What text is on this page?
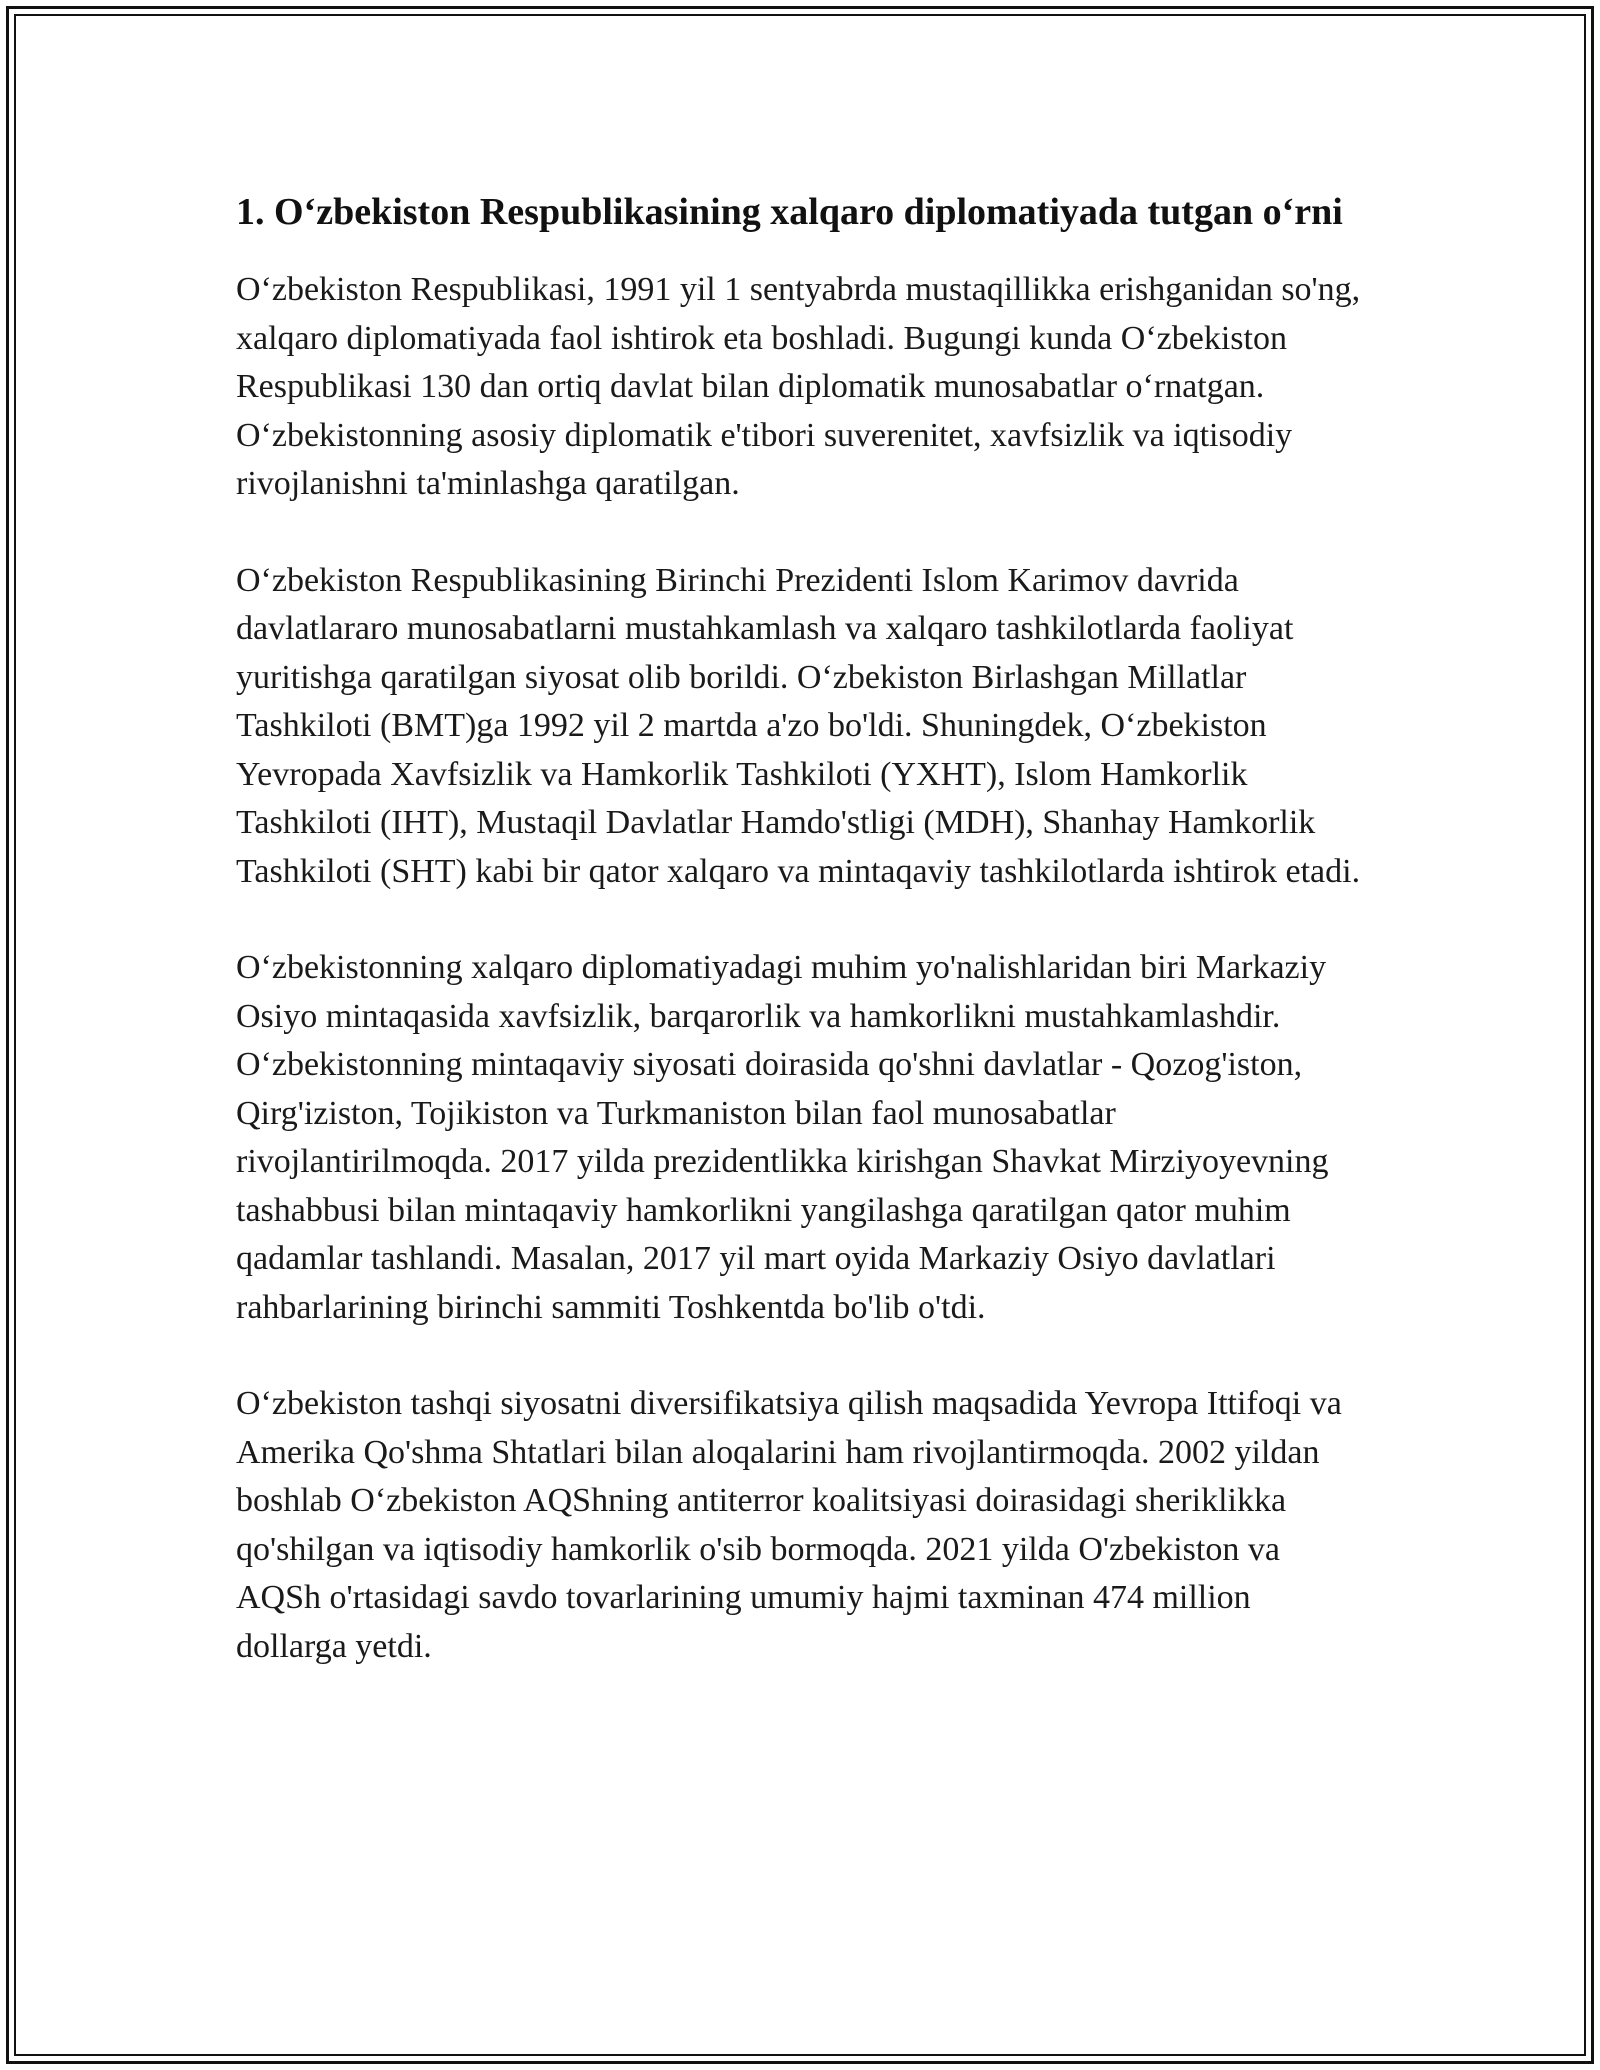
1. O‘zbekiston Respublikasining xalqaro diplomatiyada tutgan o‘rni

O‘zbekiston Respublikasi, 1991 yil 1 sentyabrda mustaqillikka erishganidan so'ng, xalqaro diplomatiyada faol ishtirok eta boshladi. Bugungi kunda O‘zbekiston Respublikasi 130 dan ortiq davlat bilan diplomatik munosabatlar o‘rnatgan. O‘zbekistonning asosiy diplomatik e'tibori suverenitet, xavfsizlik va iqtisodiy rivojlanishni ta'minlashga qaratilgan.

O‘zbekiston Respublikasining Birinchi Prezidenti Islom Karimov davrida davlatlararo munosabatlarni mustahkamlash va xalqaro tashkilotlarda faoliyat yuritishga qaratilgan siyosat olib borildi. O‘zbekiston Birlashgan Millatlar Tashkiloti (BMT)ga 1992 yil 2 martda a'zo bo'ldi. Shuningdek, O‘zbekiston Yevropada Xavfsizlik va Hamkorlik Tashkiloti (YXHT), Islom Hamkorlik Tashkiloti (IHT), Mustaqil Davlatlar Hamdo'stligi (MDH), Shanhay Hamkorlik Tashkiloti (SHT) kabi bir qator xalqaro va mintaqaviy tashkilotlarda ishtirok etadi.

O‘zbekistonning xalqaro diplomatiyadagi muhim yo'nalishlaridan biri Markaziy Osiyo mintaqasida xavfsizlik, barqarorlik va hamkorlikni mustahkamlashdir. O‘zbekistonning mintaqaviy siyosati doirasida qo'shni davlatlar - Qozog'iston, Qirg'iziston, Tojikiston va Turkmaniston bilan faol munosabatlar rivojlantirilmoqda. 2017 yilda prezidentlikka kirishgan Shavkat Mirziyoyevning tashabbusi bilan mintaqaviy hamkorlikni yangilashga qaratilgan qator muhim qadamlar tashlandi. Masalan, 2017 yil mart oyida Markaziy Osiyo davlatlari rahbarlarining birinchi sammiti Toshkentda bo'lib o'tdi.

O‘zbekiston tashqi siyosatni diversifikatsiya qilish maqsadida Yevropa Ittifoqi va Amerika Qo'shma Shtatlari bilan aloqalarini ham rivojlantirmoqda. 2002 yildan boshlab O‘zbekiston AQShning antiterror koalitsiyasi doirasidagi sheriklikka qo'shilgan va iqtisodiy hamkorlik o'sib bormoqda. 2021 yilda O'zbekiston va AQSh o'rtasidagi savdo tovarlarining umumiy hajmi taxminan 474 million dollarga yetdi.
